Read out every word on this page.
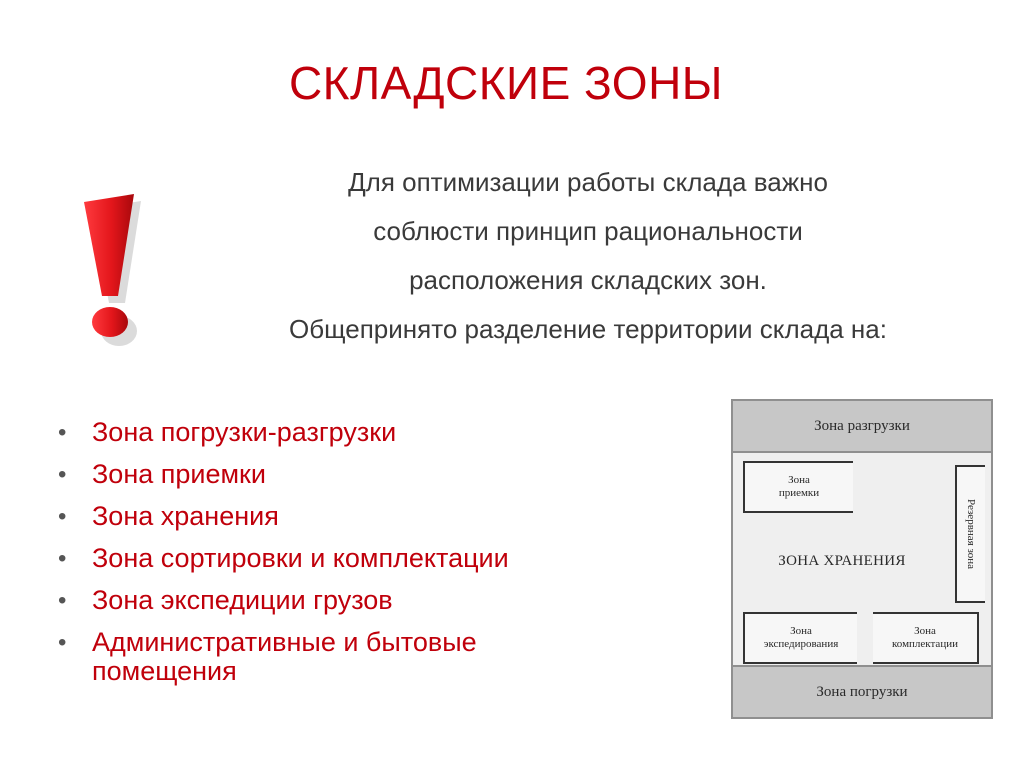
СКЛАДСКИЕ ЗОНЫ
Для оптимизации работы склада важно
соблюсти принцип рациональности
расположения складских зон.
Общепринято разделение территории склада на:
• Зона погрузки-разгрузки
• Зона приемки
• Зона хранения
• Зона сортировки и комплектации
• Зона экспедиции грузов
• Административные и бытовые помещения
Зона разгрузки
Зона
приемки
Резервная зона
ЗОНА ХРАНЕНИЯ
Зона
экспедирования
Зона
комплектации
Зона погрузки
